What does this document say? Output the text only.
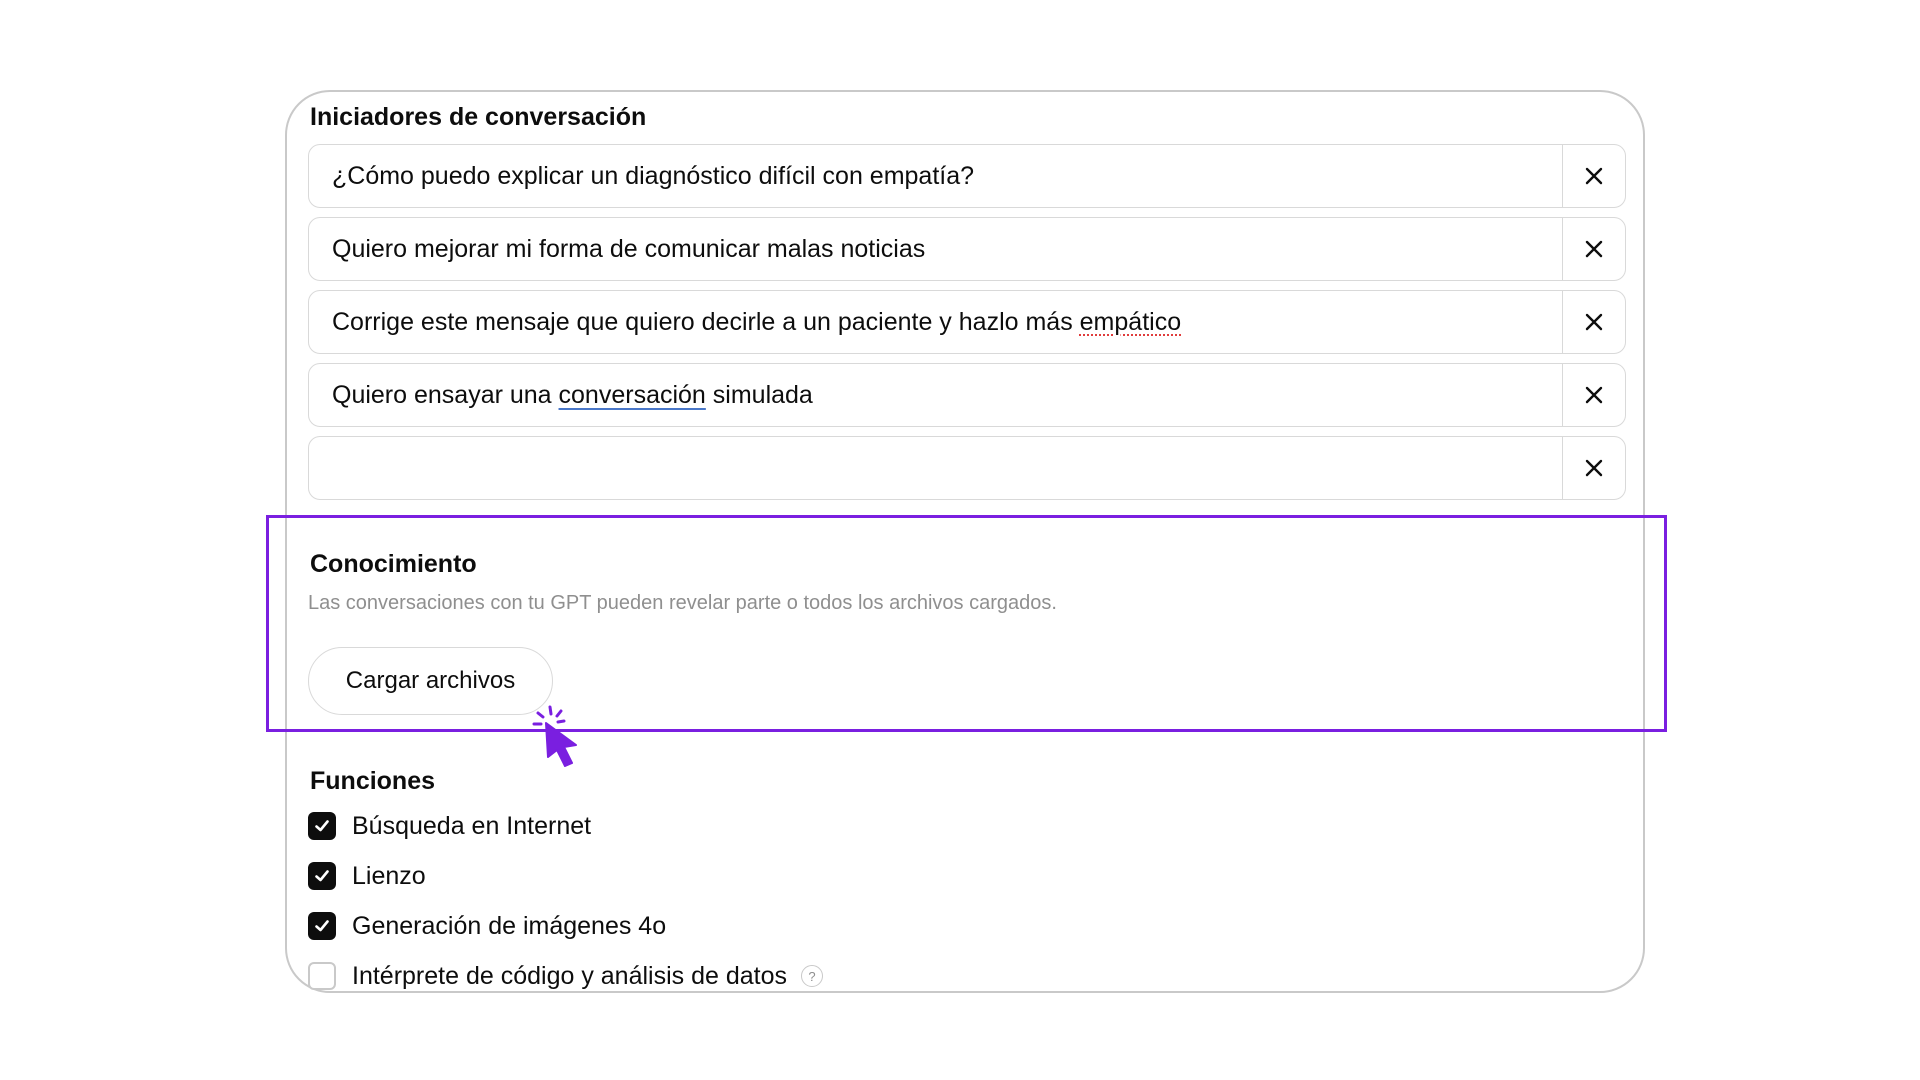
Iniciadores de conversación
¿Cómo puedo explicar un diagnóstico difícil con empatía?
Quiero mejorar mi forma de comunicar malas noticias
Corrige este mensaje que quiero decirle a un paciente y hazlo más empático
Quiero ensayar una conversación simulada
Conocimiento
Las conversaciones con tu GPT pueden revelar parte o todos los archivos cargados.
Cargar archivos
Funciones
Búsqueda en Internet
Lienzo
Generación de imágenes 4o
Intérprete de código y análisis de datos	?
